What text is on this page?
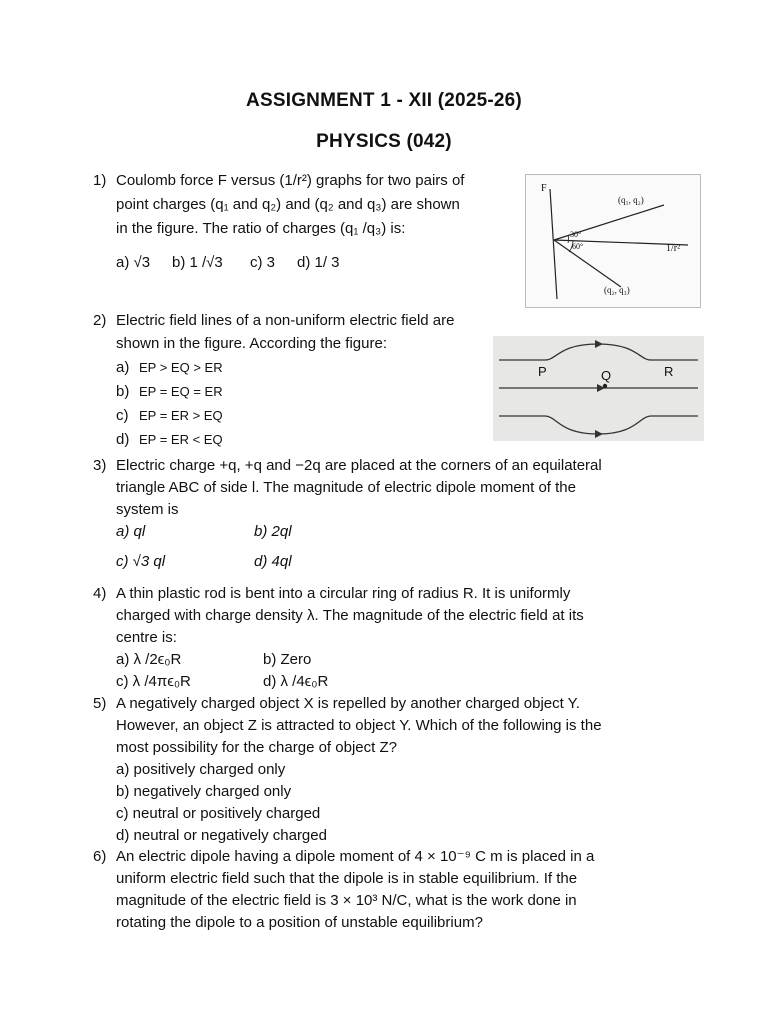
ASSIGNMENT 1 - XII (2025-26)
PHYSICS (042)
1) Coulomb force F versus (1/r²) graphs for two pairs of
point charges (q₁ and q₂) and (q₂ and q₃) are shown
in the figure. The ratio of charges (q₁ /q₃) is:
a) √3 b) 1 /√3 c) 3 d) 1/ 3
F
1/r²
(q₁, q₂)
(q₂, q₃)
30°
60°
2) Electric field lines of a non-uniform electric field are
shown in the figure. According the figure:
a) EP > EQ > ER
b) EP = EQ = ER
c) EP = ER > EQ
d) EP = ER < EQ
P	Q	R
3) Electric charge +q, +q and −2q are placed at the corners of an equilateral
triangle ABC of side l. The magnitude of electric dipole moment of the
system is
a) ql	b) 2ql
c) √3 ql	d) 4ql
4) A thin plastic rod is bent into a circular ring of radius R. It is uniformly
charged with charge density λ. The magnitude of the electric field at its
centre is:
a) λ /2ϵ₀R	b) Zero
c) λ /4πϵ₀R	d) λ /4ϵ₀R
5) A negatively charged object X is repelled by another charged object Y.
However, an object Z is attracted to object Y. Which of the following is the
most possibility for the charge of object Z?
a) positively charged only
b) negatively charged only
c) neutral or positively charged
d) neutral or negatively charged
6) An electric dipole having a dipole moment of 4 × 10⁻⁹ C m is placed in a
uniform electric field such that the dipole is in stable equilibrium. If the
magnitude of the electric field is 3 × 10³ N/C, what is the work done in
rotating the dipole to a position of unstable equilibrium?
